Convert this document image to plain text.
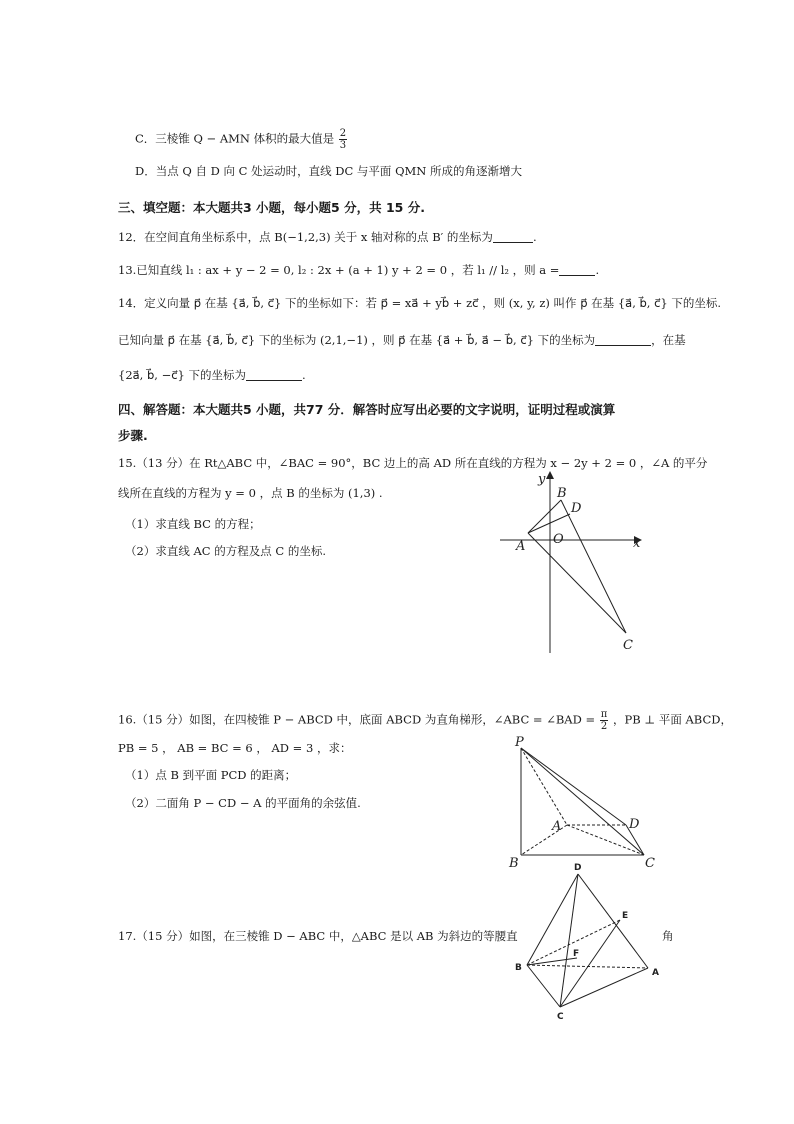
C．三棱锥 Q − AMN 体积的最大值是 $\frac{2}{3}$
D．当点 Q 自 D 向 C 处运动时，直线 DC 与平面 QMN 所成的角逐渐增大
三、填空题：本大题共3 小题，每小题5 分，共 15 分.
12．在空间直角坐标系中，点 B(−1,2,3) 关于 x 轴对称的点 B′ 的坐标为	.
13.已知直线 l₁ : ax + y − 2 = 0, l₂ : 2x + (a + 1) y + 2 = 0 ，若 l₁ // l₂ ，则 a =	.
14．定义向量 p⃗ 在基 {a⃗, b⃗, c⃗} 下的坐标如下：若 p⃗ = xa⃗ + yb⃗ + zc⃗ ，则 (x, y, z) 叫作 p⃗ 在基 {a⃗, b⃗, c⃗} 下的坐标.
已知向量 p⃗ 在基 {a⃗, b⃗, c⃗} 下的坐标为 (2,1,−1) ，则 p⃗ 在基 {a⃗ + b⃗, a⃗ − b⃗, c⃗} 下的坐标为	，在基
{2a⃗, b⃗, −c⃗} 下的坐标为	.
四、解答题：本大题共5 小题，共77 分．解答时应写出必要的文字说明，证明过程或演算
步骤.
15.（13 分）在 Rt△ABC 中，∠BAC = 90°，BC 边上的高 AD 所在直线的方程为 x − 2y + 2 = 0 ，∠A 的平分
线所在直线的方程为 y = 0 ，点 B 的坐标为 (1,3) .
（1）求直线 BC 的方程；
（2）求直线 AC 的方程及点 C 的坐标.
y
x
B
D
A O
C
16.（15 分）如图，在四棱锥 P − ABCD 中，底面 ABCD 为直角梯形，∠ABC = ∠BAD = $\frac{\pi}{2}$ ，PB ⊥ 平面 ABCD，
PB = 5 ， AB = BC = 6 ， AD = 3 ，求：
（1）点 B 到平面 PCD 的距离；
（2）二面角 P − CD − A 的平面角的余弦值.
P
A	D
B	C
17.（15 分）如图，在三棱锥 D − ABC 中，△ABC 是以 AB 为斜边的等腰直	角
D
E
F
B	A
C
